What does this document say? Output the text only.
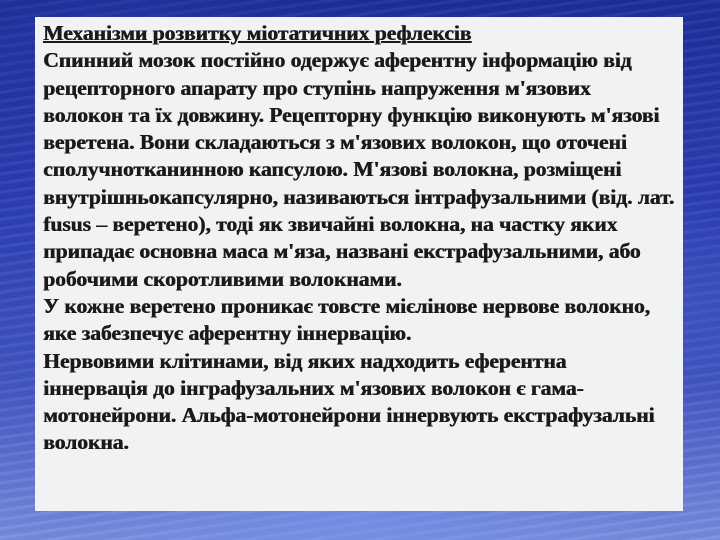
Механізми розвитку міотатичних рефлексів
Спинний мозок постійно одержує аферентну інформацію від рецепторного апарату про ступінь напруження м'язових волокон та їх довжину. Рецепторну функцію виконують м'язові веретена. Вони складаються з м'язових волокон, що оточені сполучнотканинною капсулою. М'язові волокна, розміщені внутрішньокапсулярно, називаються інтрафузальними (від. лат. fusus – веретено), тоді як звичайні волокна, на частку яких припадає основна маса м'яза, названі екстрафузальними, або робочими скоротливими волокнами.
У кожне веретено проникає товсте мієлінове нервове волокно, яке забезпечує аферентну іннервацію.
Нервовими клітинами, від яких надходить еферентна іннервація до інграфузальних м'язових волокон є гама-мотонейрони. Альфа-мотонейрони іннервують екстрафузальні волокна.
